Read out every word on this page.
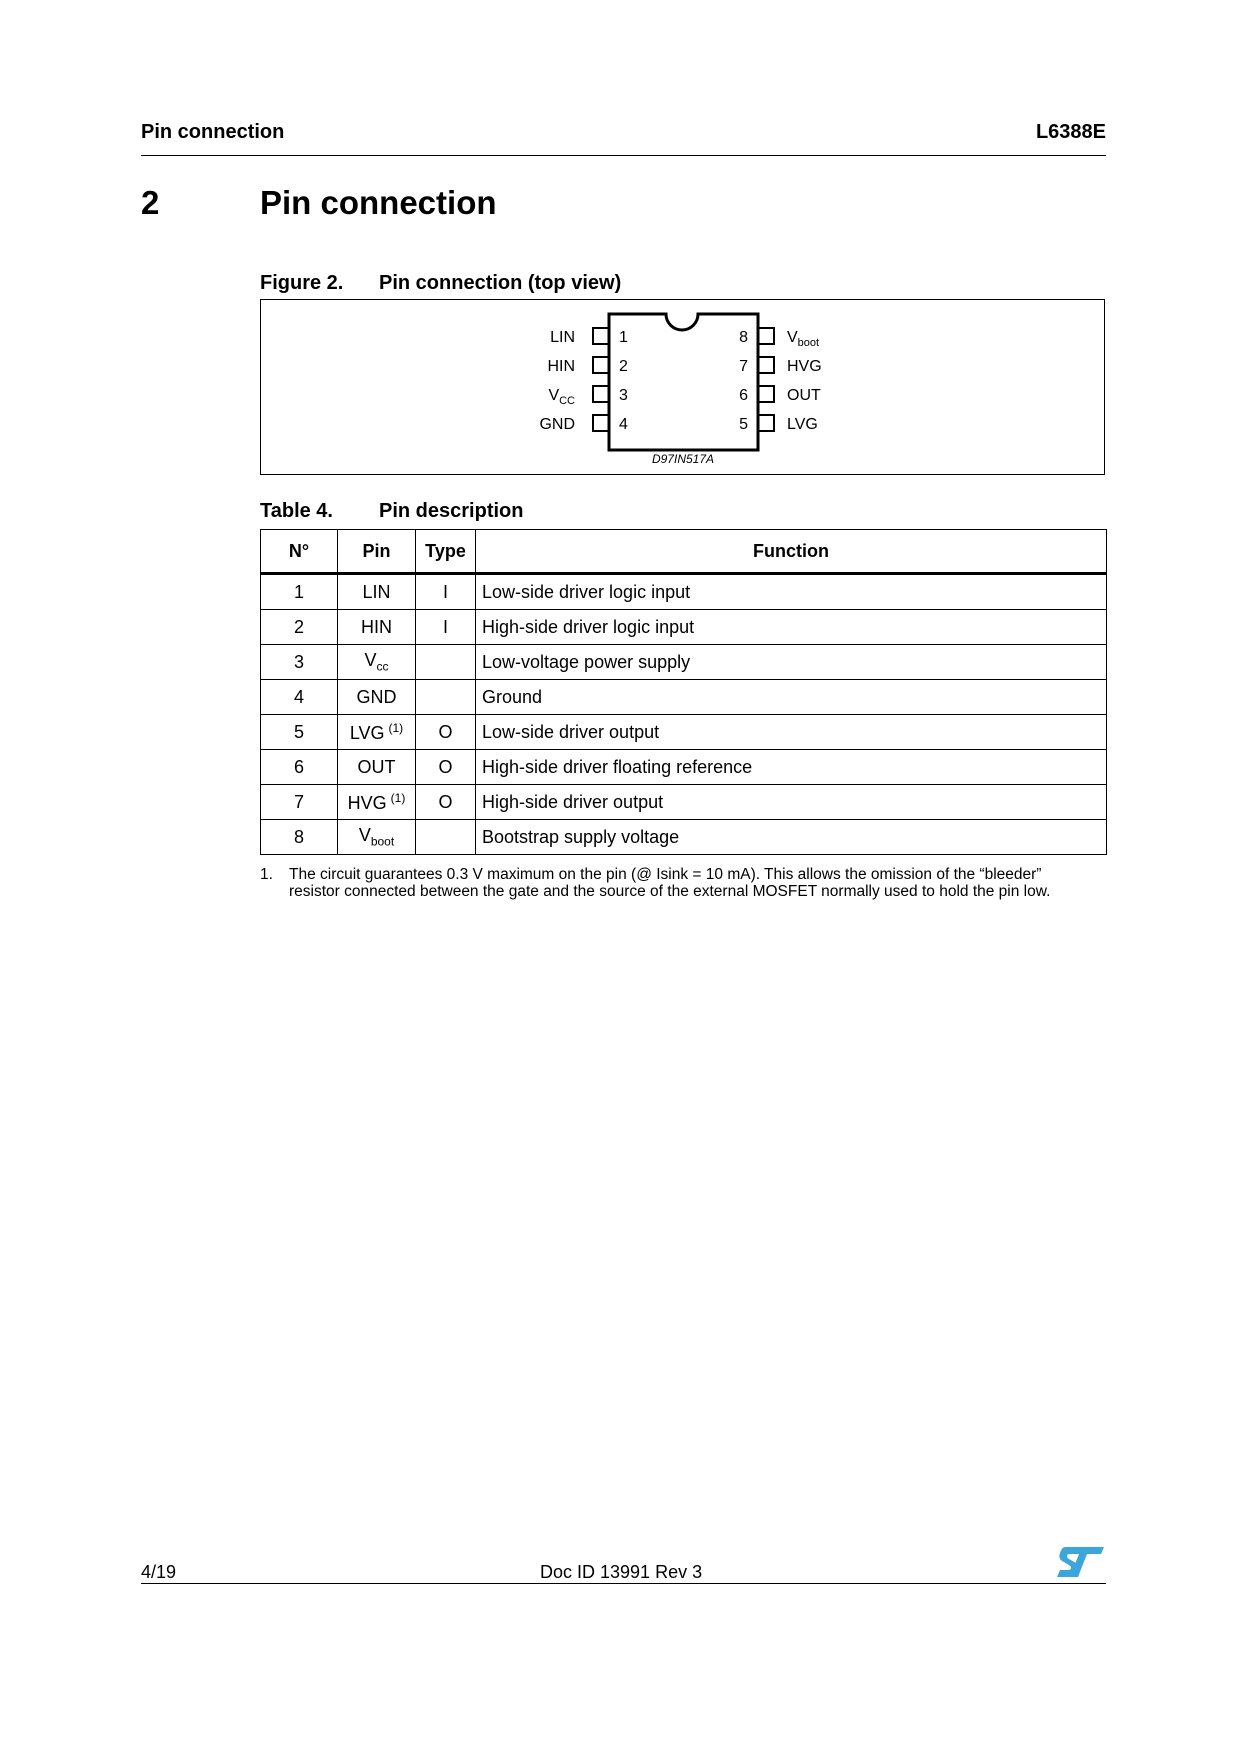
Pin connection	L6388E
2	Pin connection
Figure 2. Pin connection (top view)
1
LIN
2
HIN
3
$V_{CC}$
4
GND
8 $V_{boot}$
7 HVG
6 OUT
5 LVG
D97IN517A
Table 4. Pin description
N°	Pin	Type	Function
1	LIN	I	Low-side driver logic input
2	HIN	I	High-side driver logic input
3	$V_{cc}$		Low-voltage power supply
4	GND		Ground
5	LVG $^{(1)}$	O	Low-side driver output
6	OUT	O	High-side driver floating reference
7	HVG $^{(1)}$	O	High-side driver output
8	$V_{boot}$		Bootstrap supply voltage
1. The circuit guarantees 0.3 V maximum on the pin (@ Isink = 10 mA). This allows the omission of the “bleeder” resistor connected between the gate and the source of the external MOSFET normally used to hold the pin low.
4/19	Doc ID 13991 Rev 3
